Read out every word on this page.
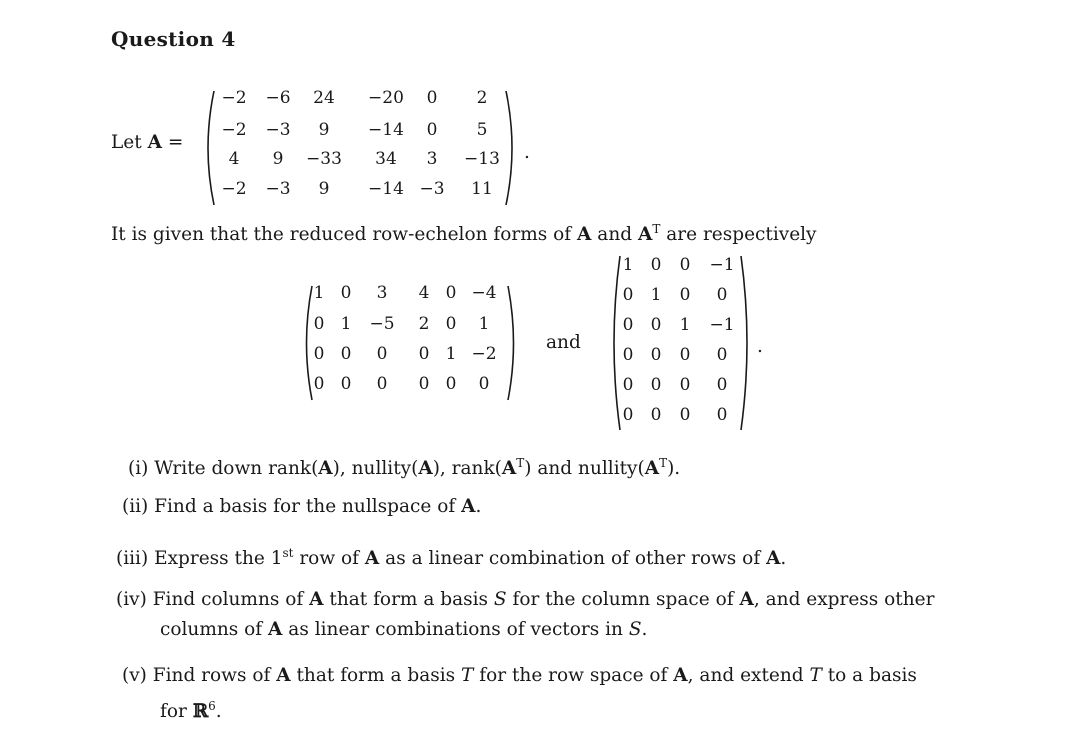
Question 4
Let A =
−2 −6 24 −20 0 2
−2 −3 9 −14 0 5
4 9 −33 34 3 −13
−2 −3 9 −14 −3 11
.
It is given that the reduced row-echelon forms of A and $A^T$ are respectively
1 0 3 4 0 −4
0 1 −5 2 0 1
0 0 0 0 1 −2
0 0 0 0 0 0
and
1 0 0 −1
0 1 0 0
0 0 1 −1
0 0 0 0
0 0 0 0
0 0 0 0
.
(i) Write down rank(A), nullity(A), $rank(A^T)$ and $nullity(A^T)$.
(ii) Find a basis for the nullspace of A.
(iii) Express the 1st row of A as a linear combination of other rows of A.
(iv) Find columns of A that form a basis S for the column space of A, and express other
columns of A as linear combinations of vectors in S.
(v) Find rows of A that form a basis T for the row space of A, and extend T to a basis
for ℝ$^6$.
